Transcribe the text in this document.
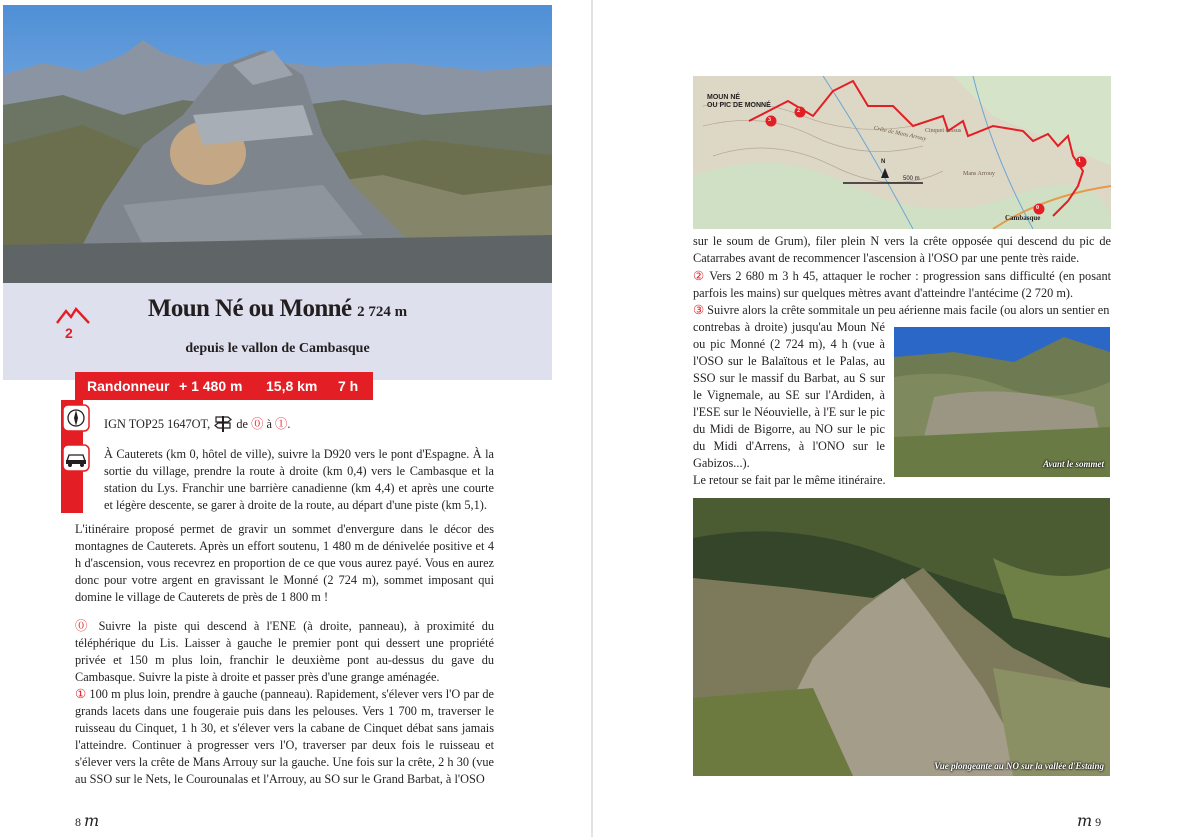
Moun Né ou Monné 2 724 m
depuis le vallon de Cambasque
2
Randonneur + 1 480 m 15,8 km 7 h
IGN TOP25 1647OT, de ⓪ à ①.
À Cauterets (km 0, hôtel de ville), suivre la D920 vers le pont d'Espagne. À la sortie du village, prendre la route à droite (km 0,4) vers le Cambasque et la station du Lys. Franchir une barrière canadienne (km 4,4) et après une courte et légère descente, se garer à droite de la route, au départ d'une piste (km 5,1).
L'itinéraire proposé permet de gravir un sommet d'envergure dans le décor des montagnes de Cauterets. Après un effort soutenu, 1 480 m de dénivelée positive et 4 h d'ascension, vous recevrez en proportion de ce que vous aurez payé. Vous en aurez donc pour votre argent en gravissant le Monné (2 724 m), sommet imposant qui domine le village de Cauterets de près de 1 800 m !
⓪ Suivre la piste qui descend à l'ENE (à droite, panneau), à proximité du téléphérique du Lis. Laisser à gauche le premier pont qui dessert une propriété privée et 150 m plus loin, franchir le deuxième pont au-dessus du gave du Cambasque. Suivre la piste à droite et passer près d'une grange aménagée.
① 100 m plus loin, prendre à gauche (panneau). Rapidement, s'élever vers l'O par de grands lacets dans une fougeraie puis dans les pelouses. Vers 1 700 m, traverser le ruisseau du Cinquet, 1 h 30, et s'élever vers la cabane de Cinquet débat sans jamais l'atteindre. Continuer à progresser vers l'O, traverser par deux fois le ruisseau et s'élever vers la crête de Mans Arrouy sur la gauche. Une fois sur la crête, 2 h 30 (vue au SSO sur le Nets, le Courounalas et l'Arrouy, au SO sur le Grand Barbat, à l'OSO
8 m
MOUN NÉ
OU PIC DE MONNÉ
3
2
1
0
N
500 m
Crête de Mans Arrouy
Cinquet dessus
Mans Arrouy
Cambasque
sur le soum de Grum), filer plein N vers la crête opposée qui descend du pic de Catarrabes avant de recommencer l'ascension à l'OSO par une pente très raide.
② Vers 2 680 m 3 h 45, attaquer le rocher : progression sans difficulté (en posant parfois les mains) sur quelques mètres avant d'atteindre l'antécime (2 720 m).
③ Suivre alors la crête sommitale un peu aérienne mais facile (ou alors un sentier en
contrebas à droite) jusqu'au Moun Né ou pic Monné (2 724 m), 4 h (vue à l'OSO sur le Balaïtous et le Palas, au SSO sur le massif du Barbat, au S sur le Vignemale, au SE sur l'Ardiden, à l'ESE sur le Néouvielle, à l'E sur le pic du Midi de Bigorre, au NO sur le pic du Midi d'Arrens, à l'ONO sur le Gabizos...).
Le retour se fait par le même itinéraire.
Avant le sommet
Vue plongeante au NO sur la vallée d'Estaing
m 9
